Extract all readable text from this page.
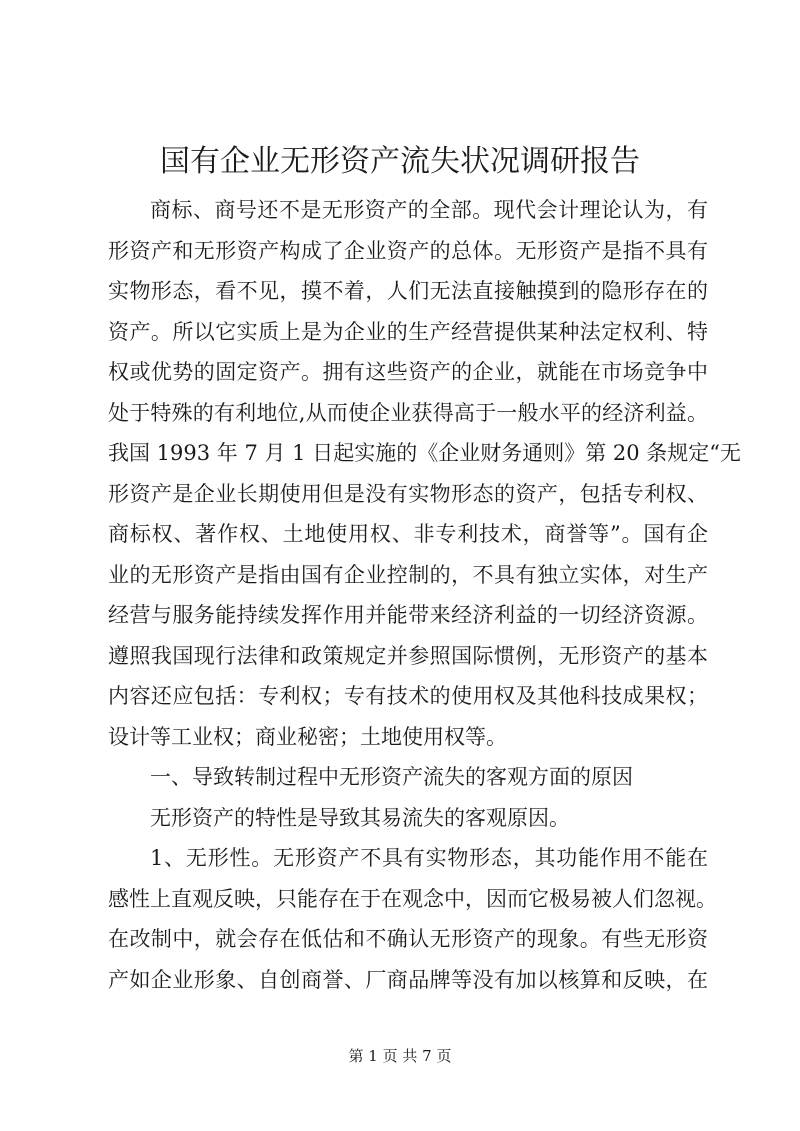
国有企业无形资产流失状况调研报告
商标、商号还不是无形资产的全部。现代会计理论认为，有
形资产和无形资产构成了企业资产的总体。无形资产是指不具有
实物形态，看不见，摸不着，人们无法直接触摸到的隐形存在的
资产。所以它实质上是为企业的生产经营提供某种法定权利、特
权或优势的固定资产。拥有这些资产的企业，就能在市场竞争中
处于特殊的有利地位,从而使企业获得高于一般水平的经济利益。
我国 1993 年 7 月 1 日起实施的《企业财务通则》第 20 条规定“无
形资产是企业长期使用但是没有实物形态的资产，包括专利权、
商标权、著作权、土地使用权、非专利技术，商誉等”。国有企
业的无形资产是指由国有企业控制的，不具有独立实体，对生产
经营与服务能持续发挥作用并能带来经济利益的一切经济资源。
遵照我国现行法律和政策规定并参照国际惯例，无形资产的基本
内容还应包括：专利权；专有技术的使用权及其他科技成果权；
设计等工业权；商业秘密；土地使用权等。
一、导致转制过程中无形资产流失的客观方面的原因
无形资产的特性是导致其易流失的客观原因。
1、无形性。无形资产不具有实物形态，其功能作用不能在
感性上直观反映，只能存在于在观念中，因而它极易被人们忽视。
在改制中，就会存在低估和不确认无形资产的现象。有些无形资
产如企业形象、自创商誉、厂商品牌等没有加以核算和反映，在
第 1 页 共 7 页
